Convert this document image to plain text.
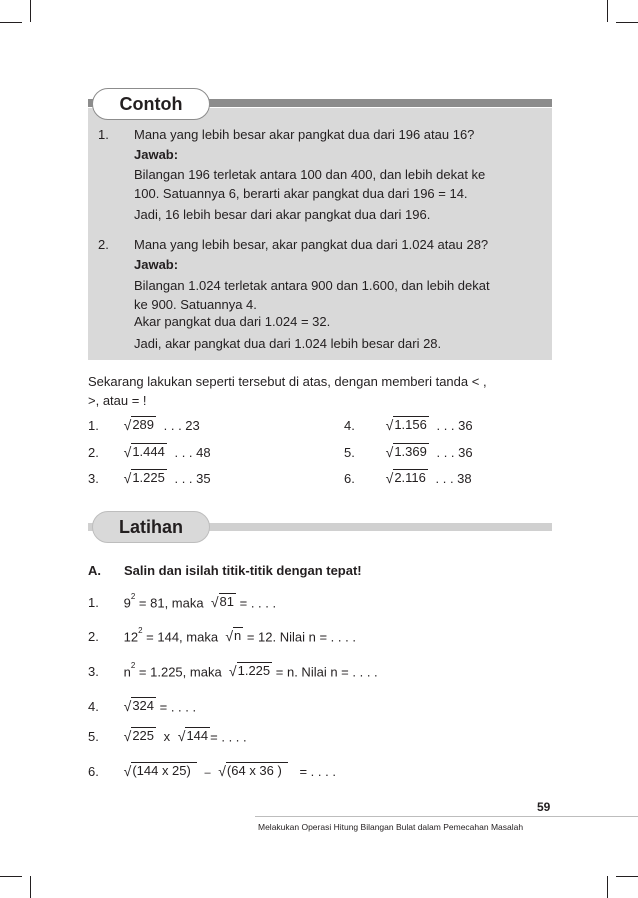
Contoh
1. Mana yang lebih besar akar pangkat dua dari 196 atau 16?
Jawab:
Bilangan 196 terletak antara 100 dan 400, dan lebih dekat ke
100. Satuannya 6, berarti akar pangkat dua dari 196 = 14.
Jadi, 16 lebih besar dari akar pangkat dua dari 196.
2. Mana yang lebih besar, akar pangkat dua dari 1.024 atau 28?
Jawab:
Bilangan 1.024 terletak antara 900 dan 1.600, dan lebih dekat
ke 900. Satuannya 4.
Akar pangkat dua dari 1.024 = 32.
Jadi, akar pangkat dua dari 1.024 lebih besar dari 28.
Sekarang lakukan seperti tersebut di atas, dengan memberi tanda < ,
>, atau = !
1. √ 289 . . . 23
2. √ 1.444 . . . 48
3. √ 1.225 . . . 35
4. √ 1.156 . . . 36
5. √ 1.369 . . . 36
6. √ 2.116 . . . 38
Latihan
A. Salin dan isilah titik-titik dengan tepat!
1. $9^2 = 81$, maka √ 81 = . . . .
2. $12^2 = 144$, maka √ n = 12. Nilai n = . . . .
3. $n^2 = 1.225$, maka √ 1.225 = n. Nilai n = . . . .
4. √ 324 = . . . .
5. √ 225 x √ 144 = . . . .
6. √ (144 x 25)	– √ (64 x 36 )	= . . . .
59
Melakukan Operasi Hitung Bilangan Bulat dalam Pemecahan Masalah
